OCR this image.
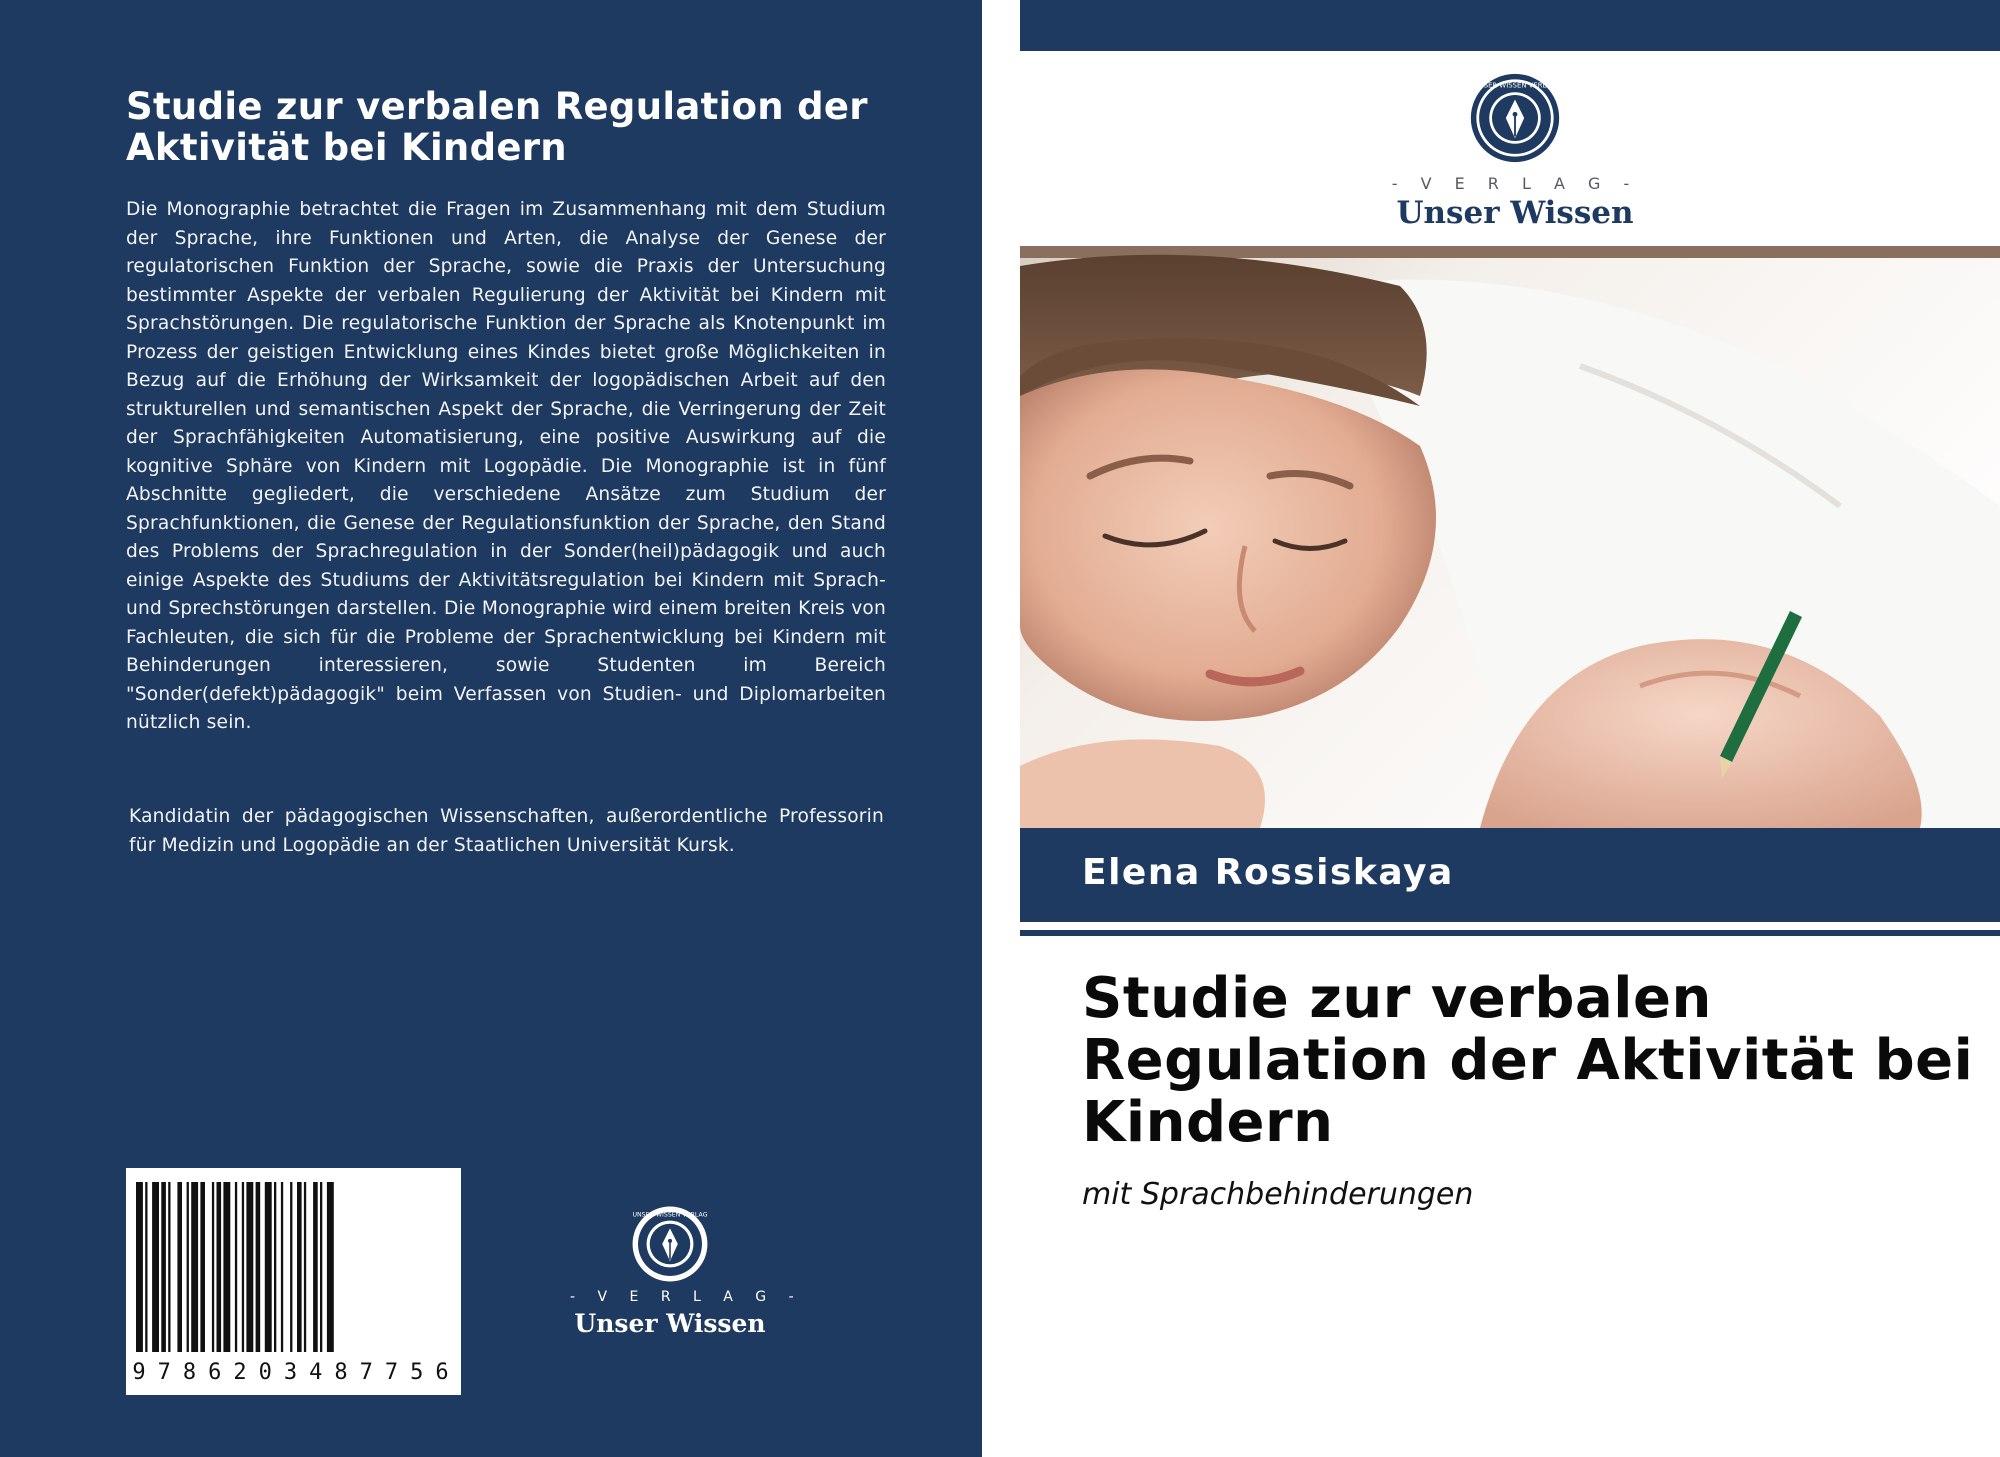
Studie zur verbalen Regulation der Aktivität bei Kindern

Die Monographie betrachtet die Fragen im Zusammenhang mit dem Studium der Sprache, ihre Funktionen und Arten, die Analyse der Genese der regulatorischen Funktion der Sprache, sowie die Praxis der Untersuchung bestimmter Aspekte der verbalen Regulierung der Aktivität bei Kindern mit Sprachstörungen. Die regulatorische Funktion der Sprache als Knotenpunkt im Prozess der geistigen Entwicklung eines Kindes bietet große Möglichkeiten in Bezug auf die Erhöhung der Wirksamkeit der logopädischen Arbeit auf den strukturellen und semantischen Aspekt der Sprache, die Verringerung der Zeit der Sprachfähigkeiten Automatisierung, eine positive Auswirkung auf die kognitive Sphäre von Kindern mit Logopädie. Die Monographie ist in fünf Abschnitte gegliedert, die verschiedene Ansätze zum Studium der Sprachfunktionen, die Genese der Regulationsfunktion der Sprache, den Stand des Problems der Sprachregulation in der Sonder(heil)pädagogik und auch einige Aspekte des Studiums der Aktivitätsregulation bei Kindern mit Sprach- und Sprechstörungen darstellen. Die Monographie wird einem breiten Kreis von Fachleuten, die sich für die Probleme der Sprachentwicklung bei Kindern mit Behinderungen interessieren, sowie Studenten im Bereich "Sonder(defekt)pädagogik" beim Verfassen von Studien- und Diplomarbeiten nützlich sein.

Kandidatin der pädagogischen Wissenschaften, außerordentliche Professorin für Medizin und Logopädie an der Staatlichen Universität Kursk.

9786203487756
UNSER WISSEN VERLAG
- V E R L A G -
Unser Wissen
UNSER WISSEN VERLAG
- V E R L A G -
Unser Wissen
Elena Rossiskaya
Studie zur verbalen Regulation der Aktivität bei Kindern
mit Sprachbehinderungen
